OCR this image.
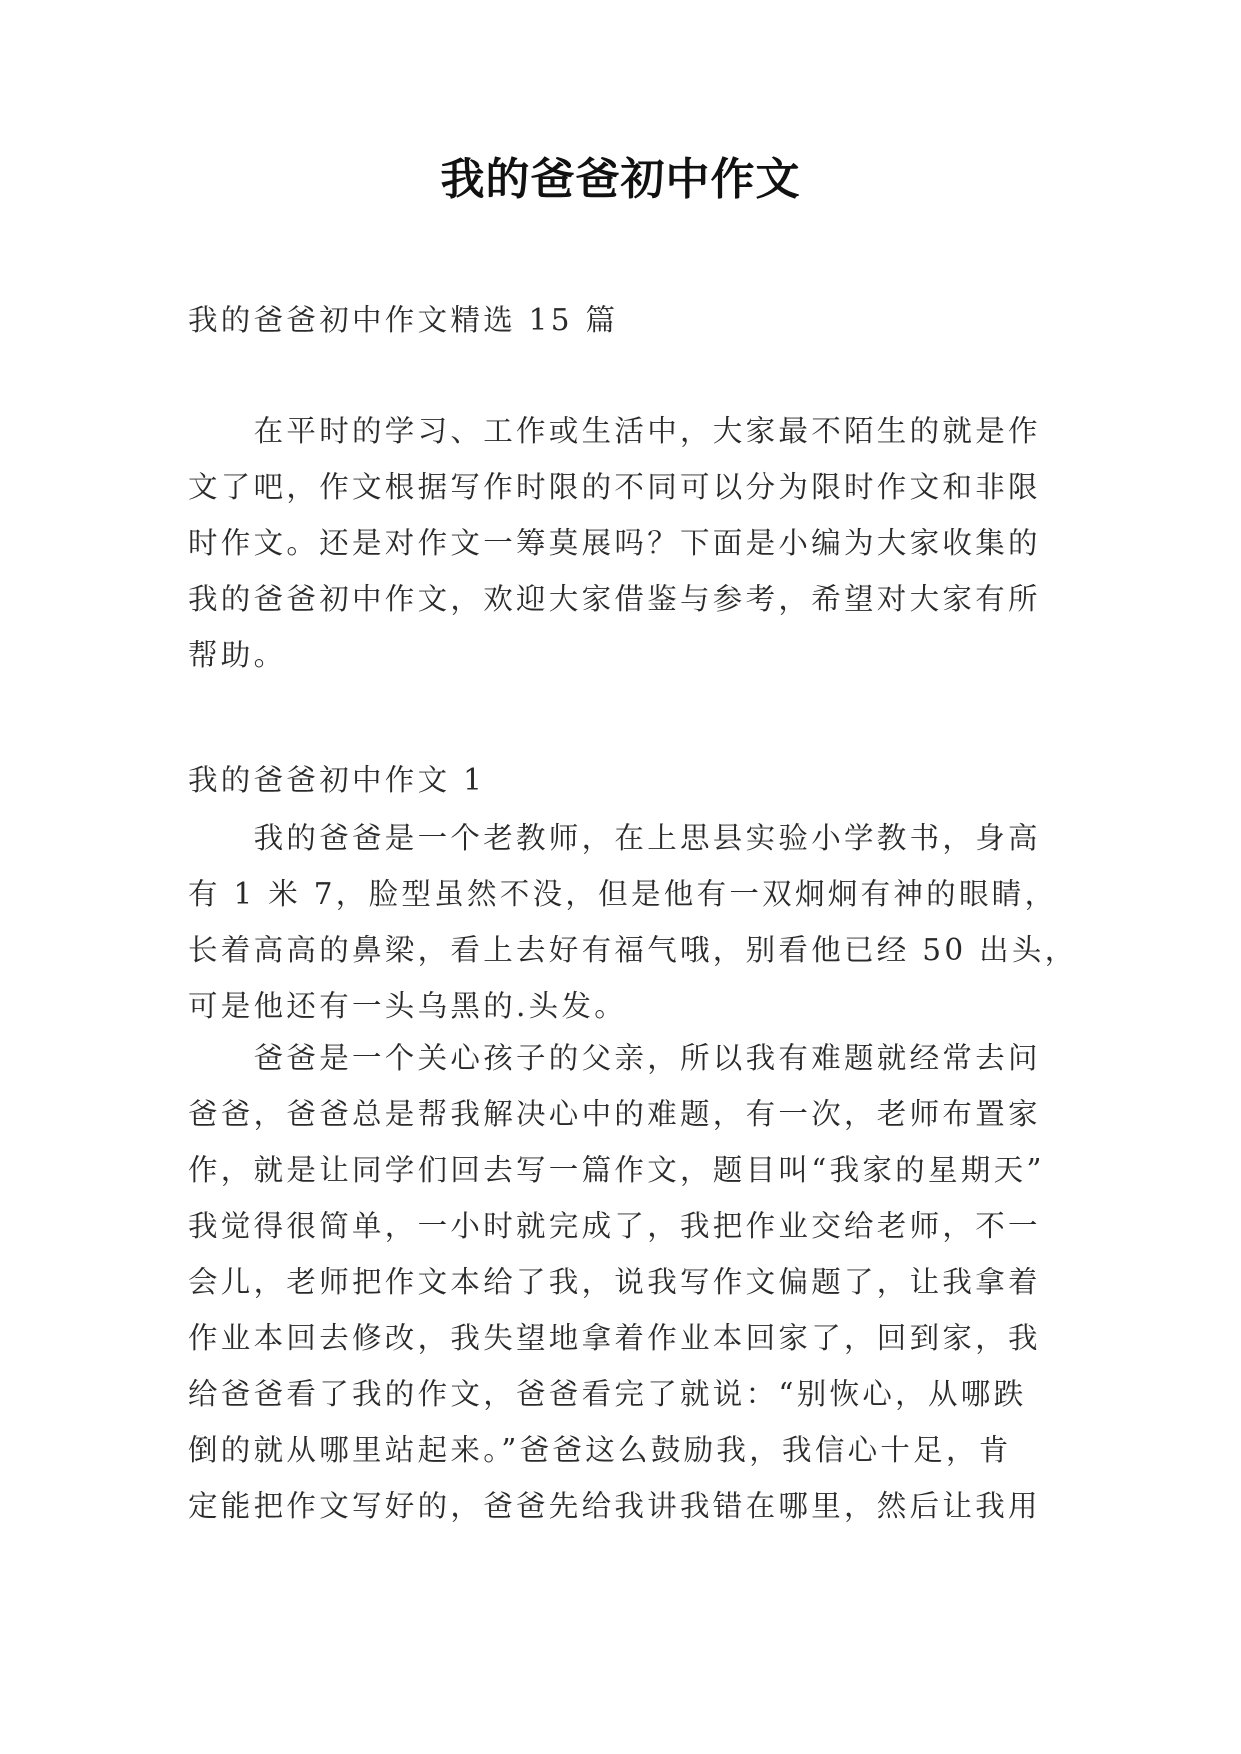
我的爸爸初中作文

我的爸爸初中作文精选 15 篇

　　在平时的学习、工作或生活中，大家最不陌生的就是作
文了吧，作文根据写作时限的不同可以分为限时作文和非限
时作文。还是对作文一筹莫展吗？下面是小编为大家收集的
我的爸爸初中作文，欢迎大家借鉴与参考，希望对大家有所
帮助。

我的爸爸初中作文 1

　　我的爸爸是一个老教师，在上思县实验小学教书，身高
有 1 米 7，脸型虽然不没，但是他有一双炯炯有神的眼睛，
长着高高的鼻梁，看上去好有福气哦，别看他已经 50 出头，
可是他还有一头乌黑的.头发。
　　爸爸是一个关心孩子的父亲，所以我有难题就经常去问
爸爸，爸爸总是帮我解决心中的难题，有一次，老师布置家
作，就是让同学们回去写一篇作文，题目叫“我家的星期天”
我觉得很简单，一小时就完成了，我把作业交给老师，不一
会儿，老师把作文本给了我，说我写作文偏题了，让我拿着
作业本回去修改，我失望地拿着作业本回家了，回到家，我
给爸爸看了我的作文，爸爸看完了就说：“别恢心，从哪跌
倒的就从哪里站起来。”爸爸这么鼓励我，我信心十足，肯
定能把作文写好的，爸爸先给我讲我错在哪里，然后让我用
